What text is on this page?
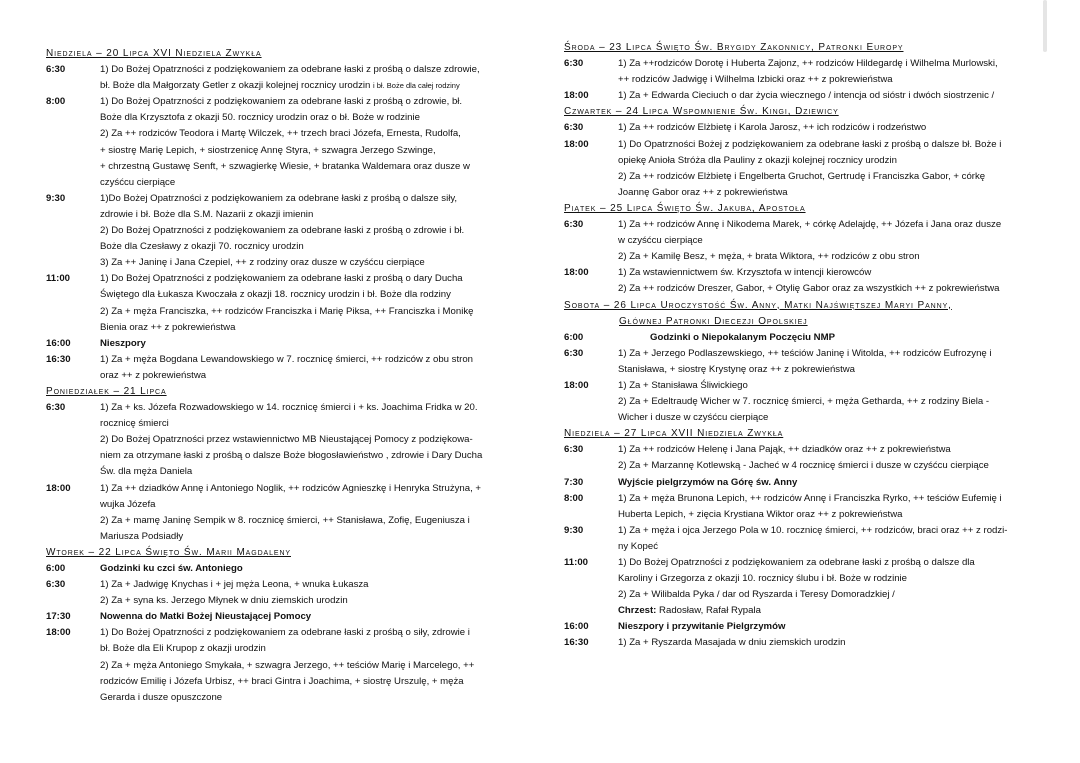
Niedziela – 20 Lipca XVI Niedziela Zwykła
6:30	1) Do Bożej Opatrzności z podziękowaniem za odebrane łaski z prośbą o dalsze zdrowie,
bł. Boże dla Małgorzaty Getler z okazji kolejnej rocznicy urodzin i bł. Boże dla całej rodziny
8:00	1) Do Bożej Opatrzności z podziękowaniem za odebrane łaski z prośbą o zdrowie, bł.
Boże dla Krzysztofa z okazji 50. rocznicy urodzin oraz o bł. Boże w rodzinie
2) Za ++ rodziców Teodora i Martę Wilczek, ++ trzech braci Józefa, Ernesta, Rudolfa,
+ siostrę Marię Lepich, + siostrzenicę Annę Styra, + szwagra Jerzego Szwinge,
+ chrzestną Gustawę Senft, + szwagierkę Wiesie, + bratanka Waldemara oraz dusze w
czyśćcu cierpiące
9:30	1)Do Bożej Opatrzności z podziękowaniem za odebrane łaski z prośbą o dalsze siły,
zdrowie i bł. Boże dla S.M. Nazarii z okazji imienin
2) Do Bożej Opatrzności z podziękowaniem za odebrane łaski z prośbą o zdrowie i bł.
Boże dla Czesławy z okazji 70. rocznicy urodzin
3) Za ++ Janinę i Jana Czepiel, ++ z rodziny oraz dusze w czyśćcu cierpiące
11:00	1) Do Bożej Opatrzności z podziękowaniem za odebrane łaski z prośbą o dary Ducha
Świętego dla Łukasza Kwoczała z okazji 18. rocznicy urodzin i bł. Boże dla rodziny
2) Za + męża Franciszka, ++ rodziców Franciszka i Marię Piksa, ++ Franciszka i Monikę
Bienia oraz ++ z pokrewieństwa
16:00	Nieszpory
16:30	1) Za + męża Bogdana Lewandowskiego w 7. rocznicę śmierci, ++ rodziców z obu stron
oraz ++ z pokrewieństwa
Poniedziałek – 21 Lipca
6:30	1) Za + ks. Józefa Rozwadowskiego w 14. rocznicę śmierci i + ks. Joachima Fridka w 20.
rocznicę śmierci
2) Do Bożej Opatrzności przez wstawiennictwo MB Nieustającej Pomocy z podziękowa-
niem za otrzymane łaski z prośbą o dalsze Boże błogosławieństwo , zdrowie i Dary Ducha
Św. dla męża Daniela
18:00	1) Za ++ dziadków Annę i Antoniego Noglik, ++ rodziców Agnieszkę i Henryka Strużyna, +
wujka Józefa
2) Za + mamę Janinę Sempik w 8. rocznicę śmierci, ++ Stanisława, Zofię, Eugeniusza i
Mariusza Podsiadły
Wtorek – 22 Lipca Święto Św. Marii Magdaleny
6:00	Godzinki ku czci św. Antoniego
6:30	1) Za + Jadwigę Knychas i + jej męża Leona, + wnuka Łukasza
2) Za + syna ks. Jerzego Młynek w dniu ziemskich urodzin
17:30	Nowenna do Matki Bożej Nieustającej Pomocy
18:00	1) Do Bożej Opatrzności z podziękowaniem za odebrane łaski z prośbą o siły, zdrowie i
bł. Boże dla Eli Krupop z okazji urodzin
2) Za + męża Antoniego Smykała, + szwagra Jerzego, ++ teściów Marię i Marcelego, ++
rodziców Emilię i Józefa Urbisz, ++ braci Gintra i Joachima, + siostrę Urszulę, + męża
Gerarda i dusze opuszczone
Środa – 23 Lipca Święto Św. Brygidy Zakonnicy, Patronki Europy
6:30	1) Za ++rodziców Dorotę i Huberta Zajonz, ++ rodziców Hildegardę i Wilhelma Murlowski,
++ rodziców Jadwigę i Wilhelma Izbicki oraz ++ z pokrewieństwa
18:00	1) Za + Edwarda Cieciuch o dar życia wiecznego / intencja od sióstr i dwóch siostrzenic /
Czwartek – 24 Lipca Wspomnienie Św. Kingi, Dziewicy
6:30	1) Za ++ rodziców Elżbietę i Karola Jarosz, ++ ich rodziców i rodzeństwo
18:00	1) Do Opatrzności Bożej z podziękowaniem za odebrane łaski z prośbą o dalsze bł. Boże i
opiekę Anioła Stróża dla Pauliny z okazji kolejnej rocznicy urodzin
2) Za ++ rodziców Elżbietę i Engelberta Gruchot, Gertrudę i Franciszka Gabor, + córkę
Joannę Gabor oraz ++ z pokrewieństwa
Piątek – 25 Lipca Święto Św. Jakuba, Apostoła
6:30	1) Za ++ rodziców Annę i Nikodema Marek, + córkę Adelajdę, ++ Józefa i Jana oraz dusze
w czyśćcu cierpiące
2) Za + Kamilę Besz, + męża, + brata Wiktora, ++ rodziców z obu stron
18:00	1) Za wstawiennictwem św. Krzysztofa w intencji kierowców
2) Za ++ rodziców Dreszer, Gabor, + Otylię Gabor oraz za wszystkich ++ z pokrewieństwa
Sobota – 26 Lipca Uroczystość Św. Anny, Matki Najświętszej Maryi Panny,
Głównej Patronki Diecezji Opolskiej
6:00	Godzinki o Niepokalanym Poczęciu NMP
6:30	1) Za + Jerzego Podlaszewskiego, ++ teściów Janinę i Witolda, ++ rodziców Eufrozynę i
Stanisława, + siostrę Krystynę oraz ++ z pokrewieństwa
18:00	1) Za + Stanisława Śliwickiego
2) Za + Edeltraudę Wicher w 7. rocznicę śmierci, + męża Getharda, ++ z rodziny Biela -
Wicher i dusze w czyśćcu cierpiące
Niedziela – 27 Lipca XVII Niedziela Zwykła
6:30	1) Za ++ rodziców Helenę i Jana Pająk, ++ dziadków oraz ++ z pokrewieństwa
2) Za + Marzannę Kotlewską - Jacheć w 4 rocznicę śmierci i dusze w czyśćcu cierpiące
7:30	Wyjście pielgrzymów na Górę św. Anny
8:00	1) Za + męża Brunona Lepich, ++ rodziców Annę i Franciszka Ryrko, ++ teściów Eufemię i
Huberta Lepich, + zięcia Krystiana Wiktor oraz ++ z pokrewieństwa
9:30	1) Za + męża i ojca Jerzego Pola w 10. rocznicę śmierci, ++ rodziców, braci oraz ++ z rodzi-
ny Kopeć
11:00	1) Do Bożej Opatrzności z podziękowaniem za odebrane łaski z prośbą o dalsze dla
Karoliny i Grzegorza z okazji 10. rocznicy ślubu i bł. Boże w rodzinie
2) Za + Wilibalda Pyka / dar od Ryszarda i Teresy Domoradzkiej /
Chrzest: Radosław, Rafał Rypala
16:00	Nieszpory i przywitanie Pielgrzymów
16:30	1) Za + Ryszarda Masajada w dniu ziemskich urodzin
